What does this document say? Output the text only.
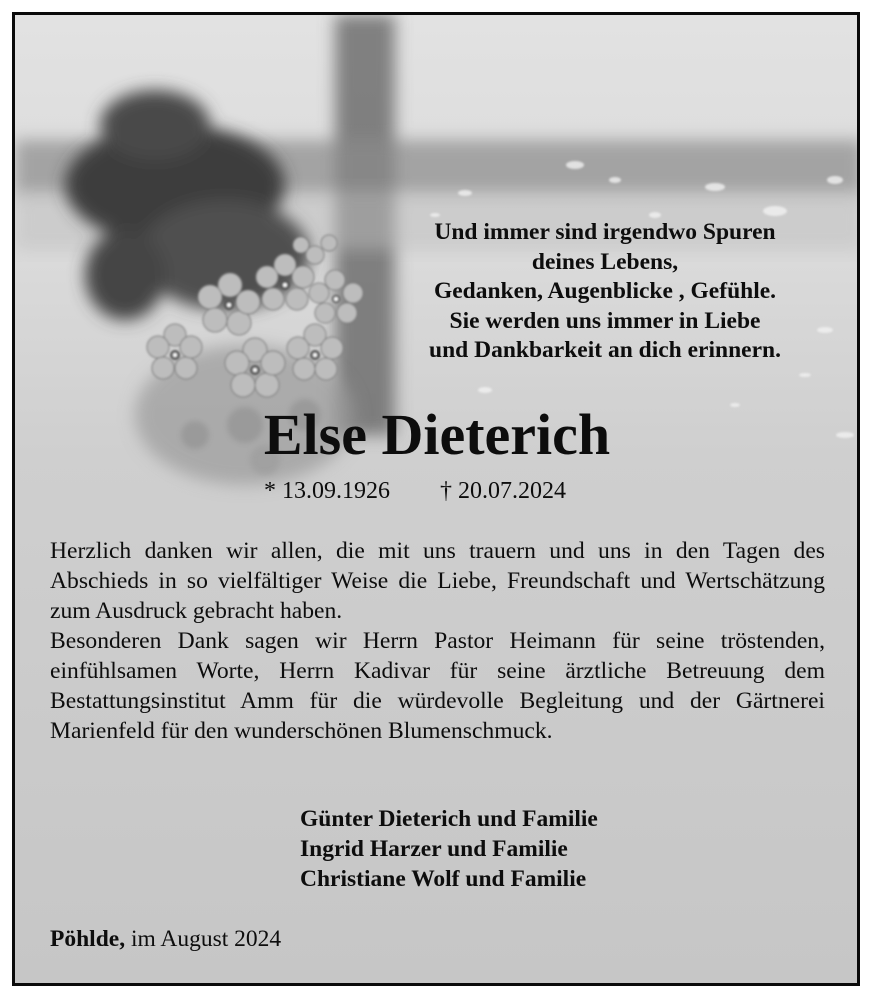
Und immer sind irgendwo Spuren
deines Lebens,
Gedanken, Augenblicke , Gefühle.
Sie werden uns immer in Liebe
und Dankbarkeit an dich erinnern.
Else Dieterich
* 13.09.1926 † 20.07.2024

Herzlich danken wir allen, die mit uns trauern und uns in den Tagen des Abschieds in so vielfältiger Weise die Liebe, Freundschaft und Wertschätzung zum Ausdruck gebracht haben.

Besonderen Dank sagen wir Herrn Pastor Heimann für seine tröstenden, einfühlsamen Worte, Herrn Kadivar für seine ärztliche Betreuung dem Bestattungsinstitut Amm für die würdevolle Begleitung und der Gärtnerei Marienfeld für den wunderschönen Blumenschmuck.

Günter Dieterich und Familie
Ingrid Harzer und Familie
Christiane Wolf und Familie
Pöhlde, im August 2024
